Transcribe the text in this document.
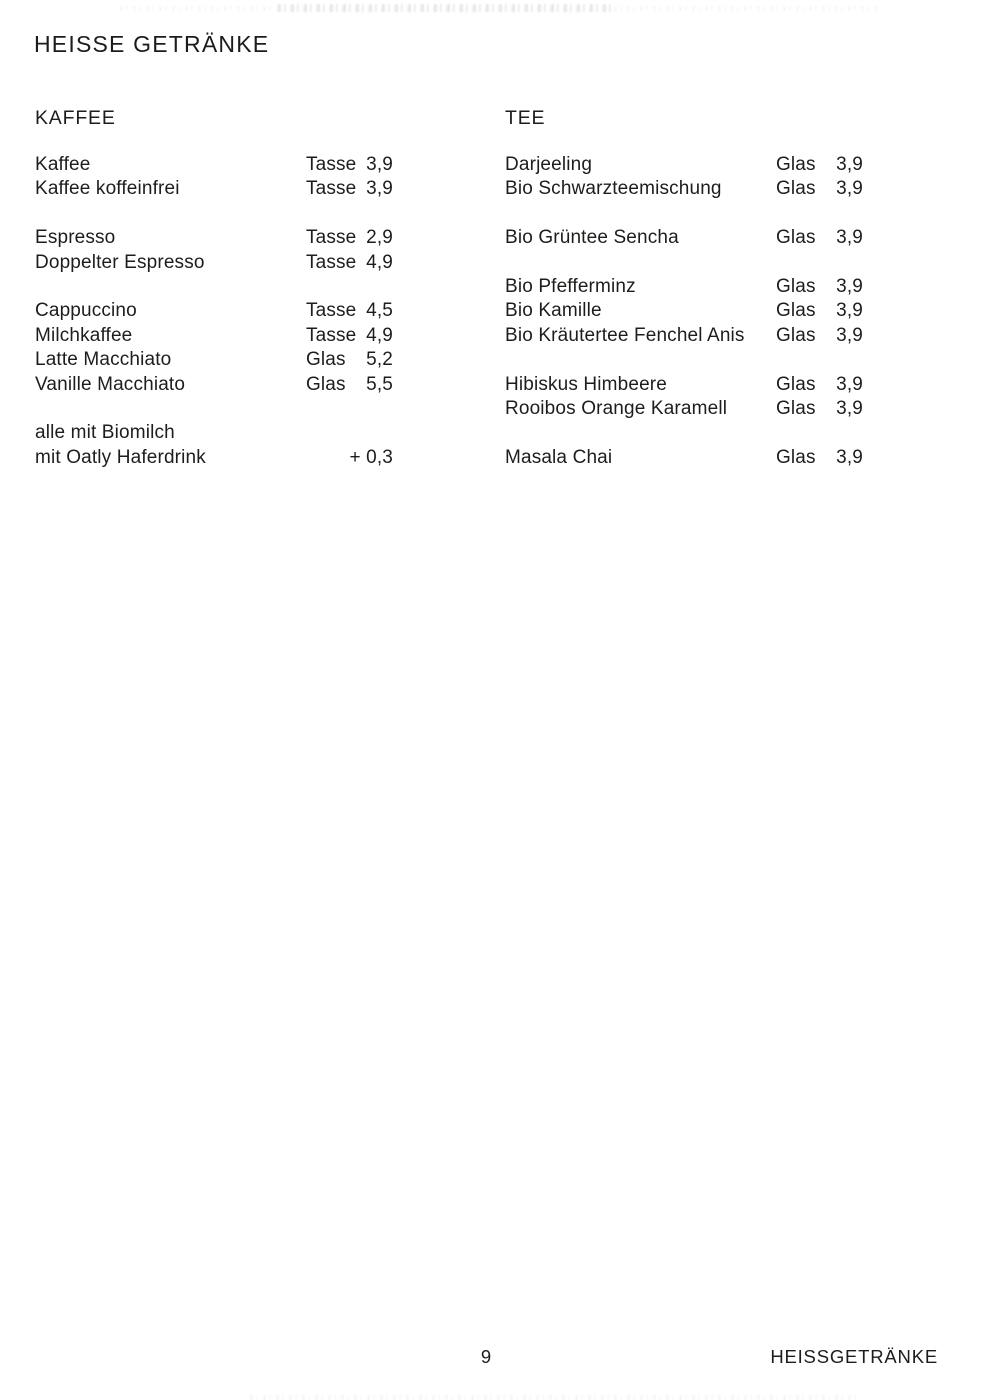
HEISSE GETRÄNKE
KAFFEE	TEE
Kaffee	Tasse 3,9
Kaffee koffeinfrei	Tasse 3,9
Espresso	Tasse 2,9
Doppelter Espresso	Tasse 4,9
Cappuccino	Tasse 4,5
Milchkaffee	Tasse 4,9
Latte Macchiato	Glas 5,2
Vanille Macchiato	Glas 5,5
alle mit Biomilch
mit Oatly Haferdrink	+ 0,3
Darjeeling	Glas 3,9
Bio Schwarzteemischung	Glas 3,9
Bio Grüntee Sencha	Glas 3,9
Bio Pfefferminz	Glas 3,9
Bio Kamille	Glas 3,9
Bio Kräutertee Fenchel Anis	Glas 3,9
Hibiskus Himbeere	Glas 3,9
Rooibos Orange Karamell	Glas 3,9
Masala Chai	Glas 3,9
9	HEISSGETRÄNKE
